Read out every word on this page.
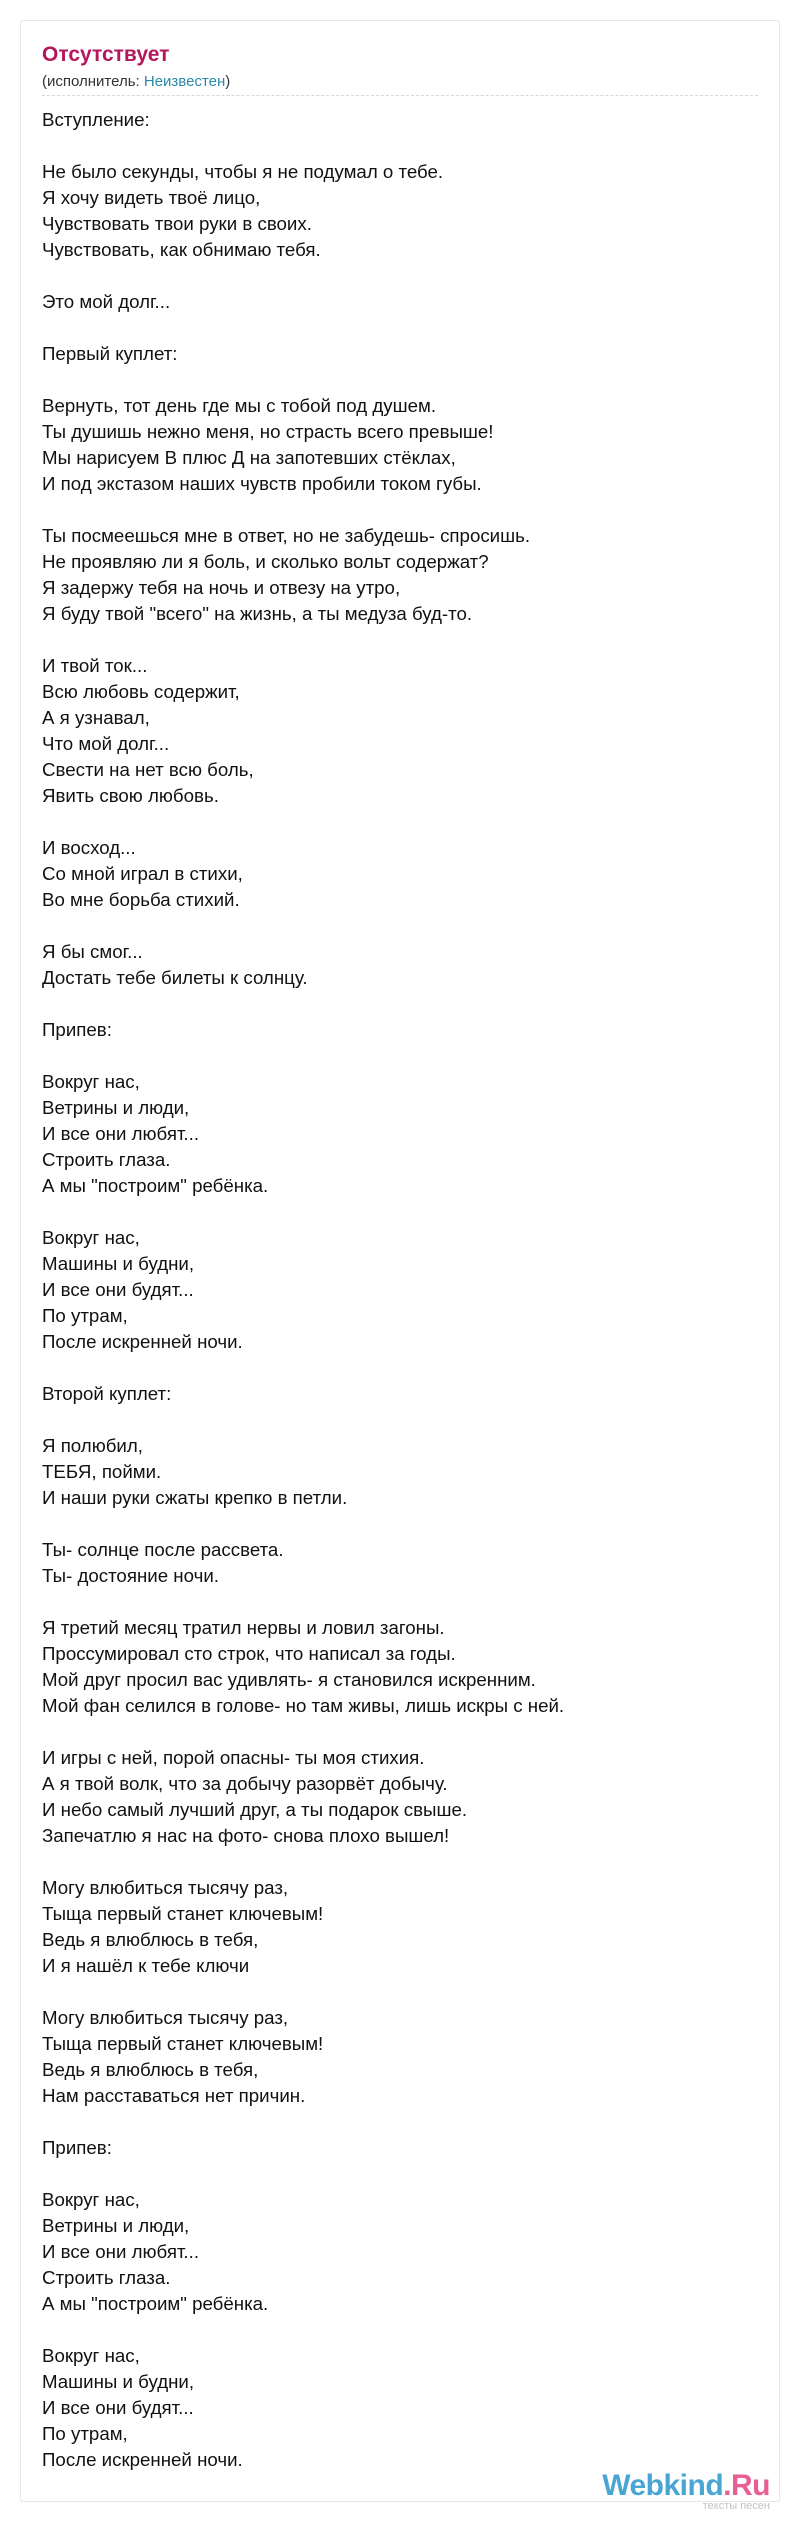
Отсутствует
(исполнитель: Неизвестен)
Вступление:
Не было секунды, чтобы я не подумал о тебе.
Я хочу видеть твоё лицо,
Чувствовать твои руки в своих.
Чувствовать, как обнимаю тебя.
Это мой долг...
Первый куплет:
Вернуть, тот день где мы с тобой под душем.
Ты душишь нежно меня, но страсть всего превыше!
Мы нарисуем В плюс Д на запотевших стёклах,
И под экстазом наших чувств пробили током губы.
Ты посмеешься мне в ответ, но не забудешь- спросишь.
Не проявляю ли я боль, и сколько вольт содержат?
Я задержу тебя на ночь и отвезу на утро,
Я буду твой "всего" на жизнь, а ты медуза буд-то.
И твой ток...
Всю любовь содержит,
А я узнавал,
Что мой долг...
Свести на нет всю боль,
Явить свою любовь.
И восход...
Со мной играл в стихи,
Во мне борьба стихий.
Я бы смог...
Достать тебе билеты к солнцу.
Припев:
Вокруг нас,
Ветрины и люди,
И все они любят...
Строить глаза.
А мы "построим" ребёнка.
Вокруг нас,
Машины и будни,
И все они будят...
По утрам,
После искренней ночи.
Второй куплет:
Я полюбил,
ТЕБЯ, пойми.
И наши руки сжаты крепко в петли.
Ты- солнце после рассвета.
Ты- достояние ночи.
Я третий месяц тратил нервы и ловил загоны.
Проссумировал сто строк, что написал за годы.
Мой друг просил вас удивлять- я становился искренним.
Мой фан селился в голове- но там живы, лишь искры с ней.
И игры с ней, порой опасны- ты моя стихия.
А я твой волк, что за добычу разорвёт добычу.
И небо самый лучший друг, а ты подарок свыше.
Запечатлю я нас на фото- снова плохо вышел!
Могу влюбиться тысячу раз,
Тыща первый станет ключевым!
Ведь я влюблюсь в тебя,
И я нашёл к тебе ключи
Могу влюбиться тысячу раз,
Тыща первый станет ключевым!
Ведь я влюблюсь в тебя,
Нам расставаться нет причин.
Припев:
Вокруг нас,
Ветрины и люди,
И все они любят...
Строить глаза.
А мы "построим" ребёнка.
Вокруг нас,
Машины и будни,
И все они будят...
По утрам,
После искренней ночи.
Webkind.Ru
тексты песен
